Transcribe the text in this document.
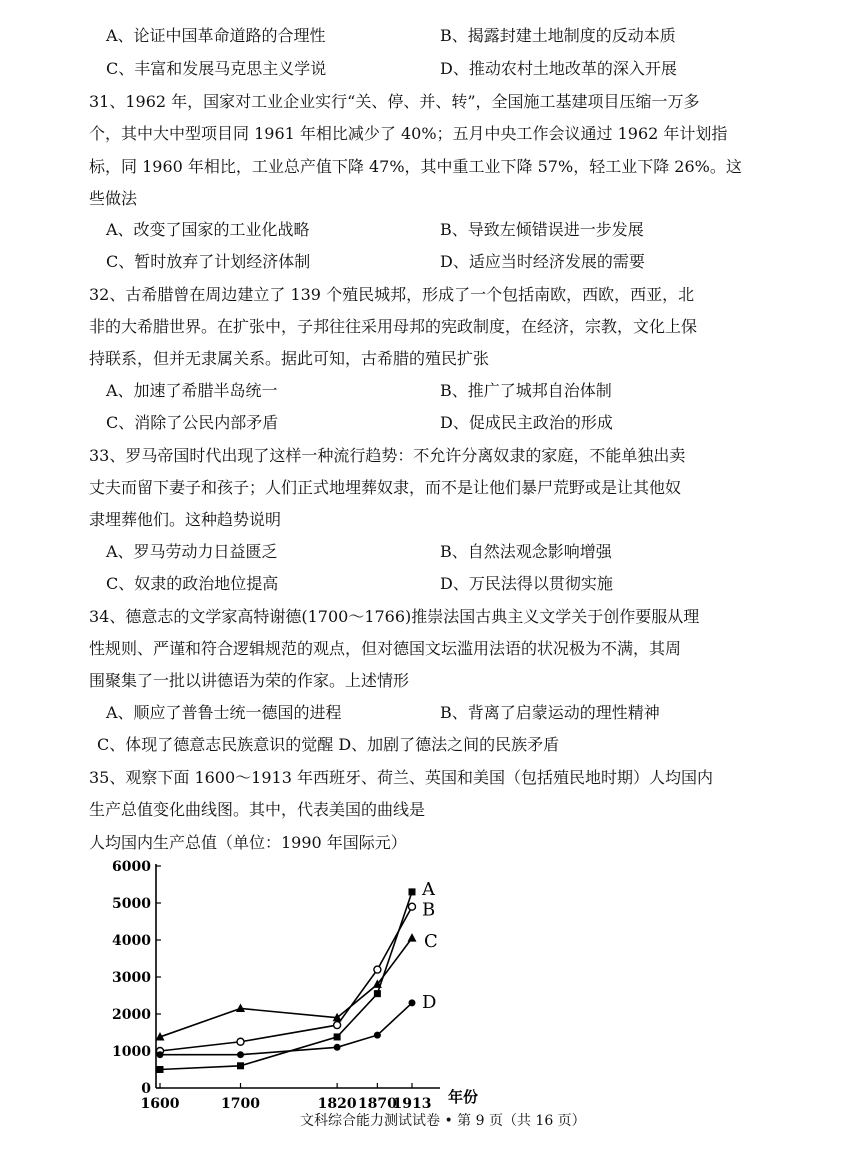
A、论证中国革命道路的合理性	B、揭露封建土地制度的反动本质
C、丰富和发展马克思主义学说	D、推动农村土地改革的深入开展
31、1962 年，国家对工业企业实行“关、停、并、转”，全国施工基建项目压缩一万多
个，其中大中型项目同 1961 年相比减少了 40%；五月中央工作会议通过 1962 年计划指
标，同 1960 年相比，工业总产值下降 47%，其中重工业下降 57%，轻工业下降 26%。这
些做法
A、改变了国家的工业化战略	B、导致左倾错误进一步发展
C、暂时放弃了计划经济体制	D、适应当时经济发展的需要
32、古希腊曾在周边建立了 139 个殖民城邦，形成了一个包括南欧，西欧，西亚，北
非的大希腊世界。在扩张中，子邦往往采用母邦的宪政制度，在经济，宗教，文化上保
持联系，但并无隶属关系。据此可知，古希腊的殖民扩张
A、加速了希腊半岛统一	B、推广了城邦自治体制
C、消除了公民内部矛盾	D、促成民主政治的形成
33、罗马帝国时代出现了这样一种流行趋势：不允许分离奴隶的家庭，不能单独出卖
丈夫而留下妻子和孩子；人们正式地埋葬奴隶，而不是让他们暴尸荒野或是让其他奴
隶埋葬他们。这种趋势说明
A、罗马劳动力日益匮乏	B、自然法观念影响增强
C、奴隶的政治地位提高	D、万民法得以贯彻实施
34、德意志的文学家高特谢德(1700～1766)推崇法国古典主义文学关于创作要服从理
性规则、严谨和符合逻辑规范的观点，但对德国文坛滥用法语的状况极为不满，其周
围聚集了一批以讲德语为荣的作家。上述情形
A、顺应了普鲁士统一德国的进程	B、背离了启蒙运动的理性精神
C、体现了德意志民族意识的觉醒 D、加剧了德法之间的民族矛盾
35、观察下面 1600～1913 年西班牙、荷兰、英国和美国（包括殖民地时期）人均国内
生产总值变化曲线图。其中，代表美国的曲线是
人均国内生产总值（单位：1990 年国际元）
0
1000
2000
3000
4000
5000
6000
1600	1700	1820 1870
1913 年份
A
B
C
D
文科综合能力测试试卷 • 第 9 页（共 16 页）
